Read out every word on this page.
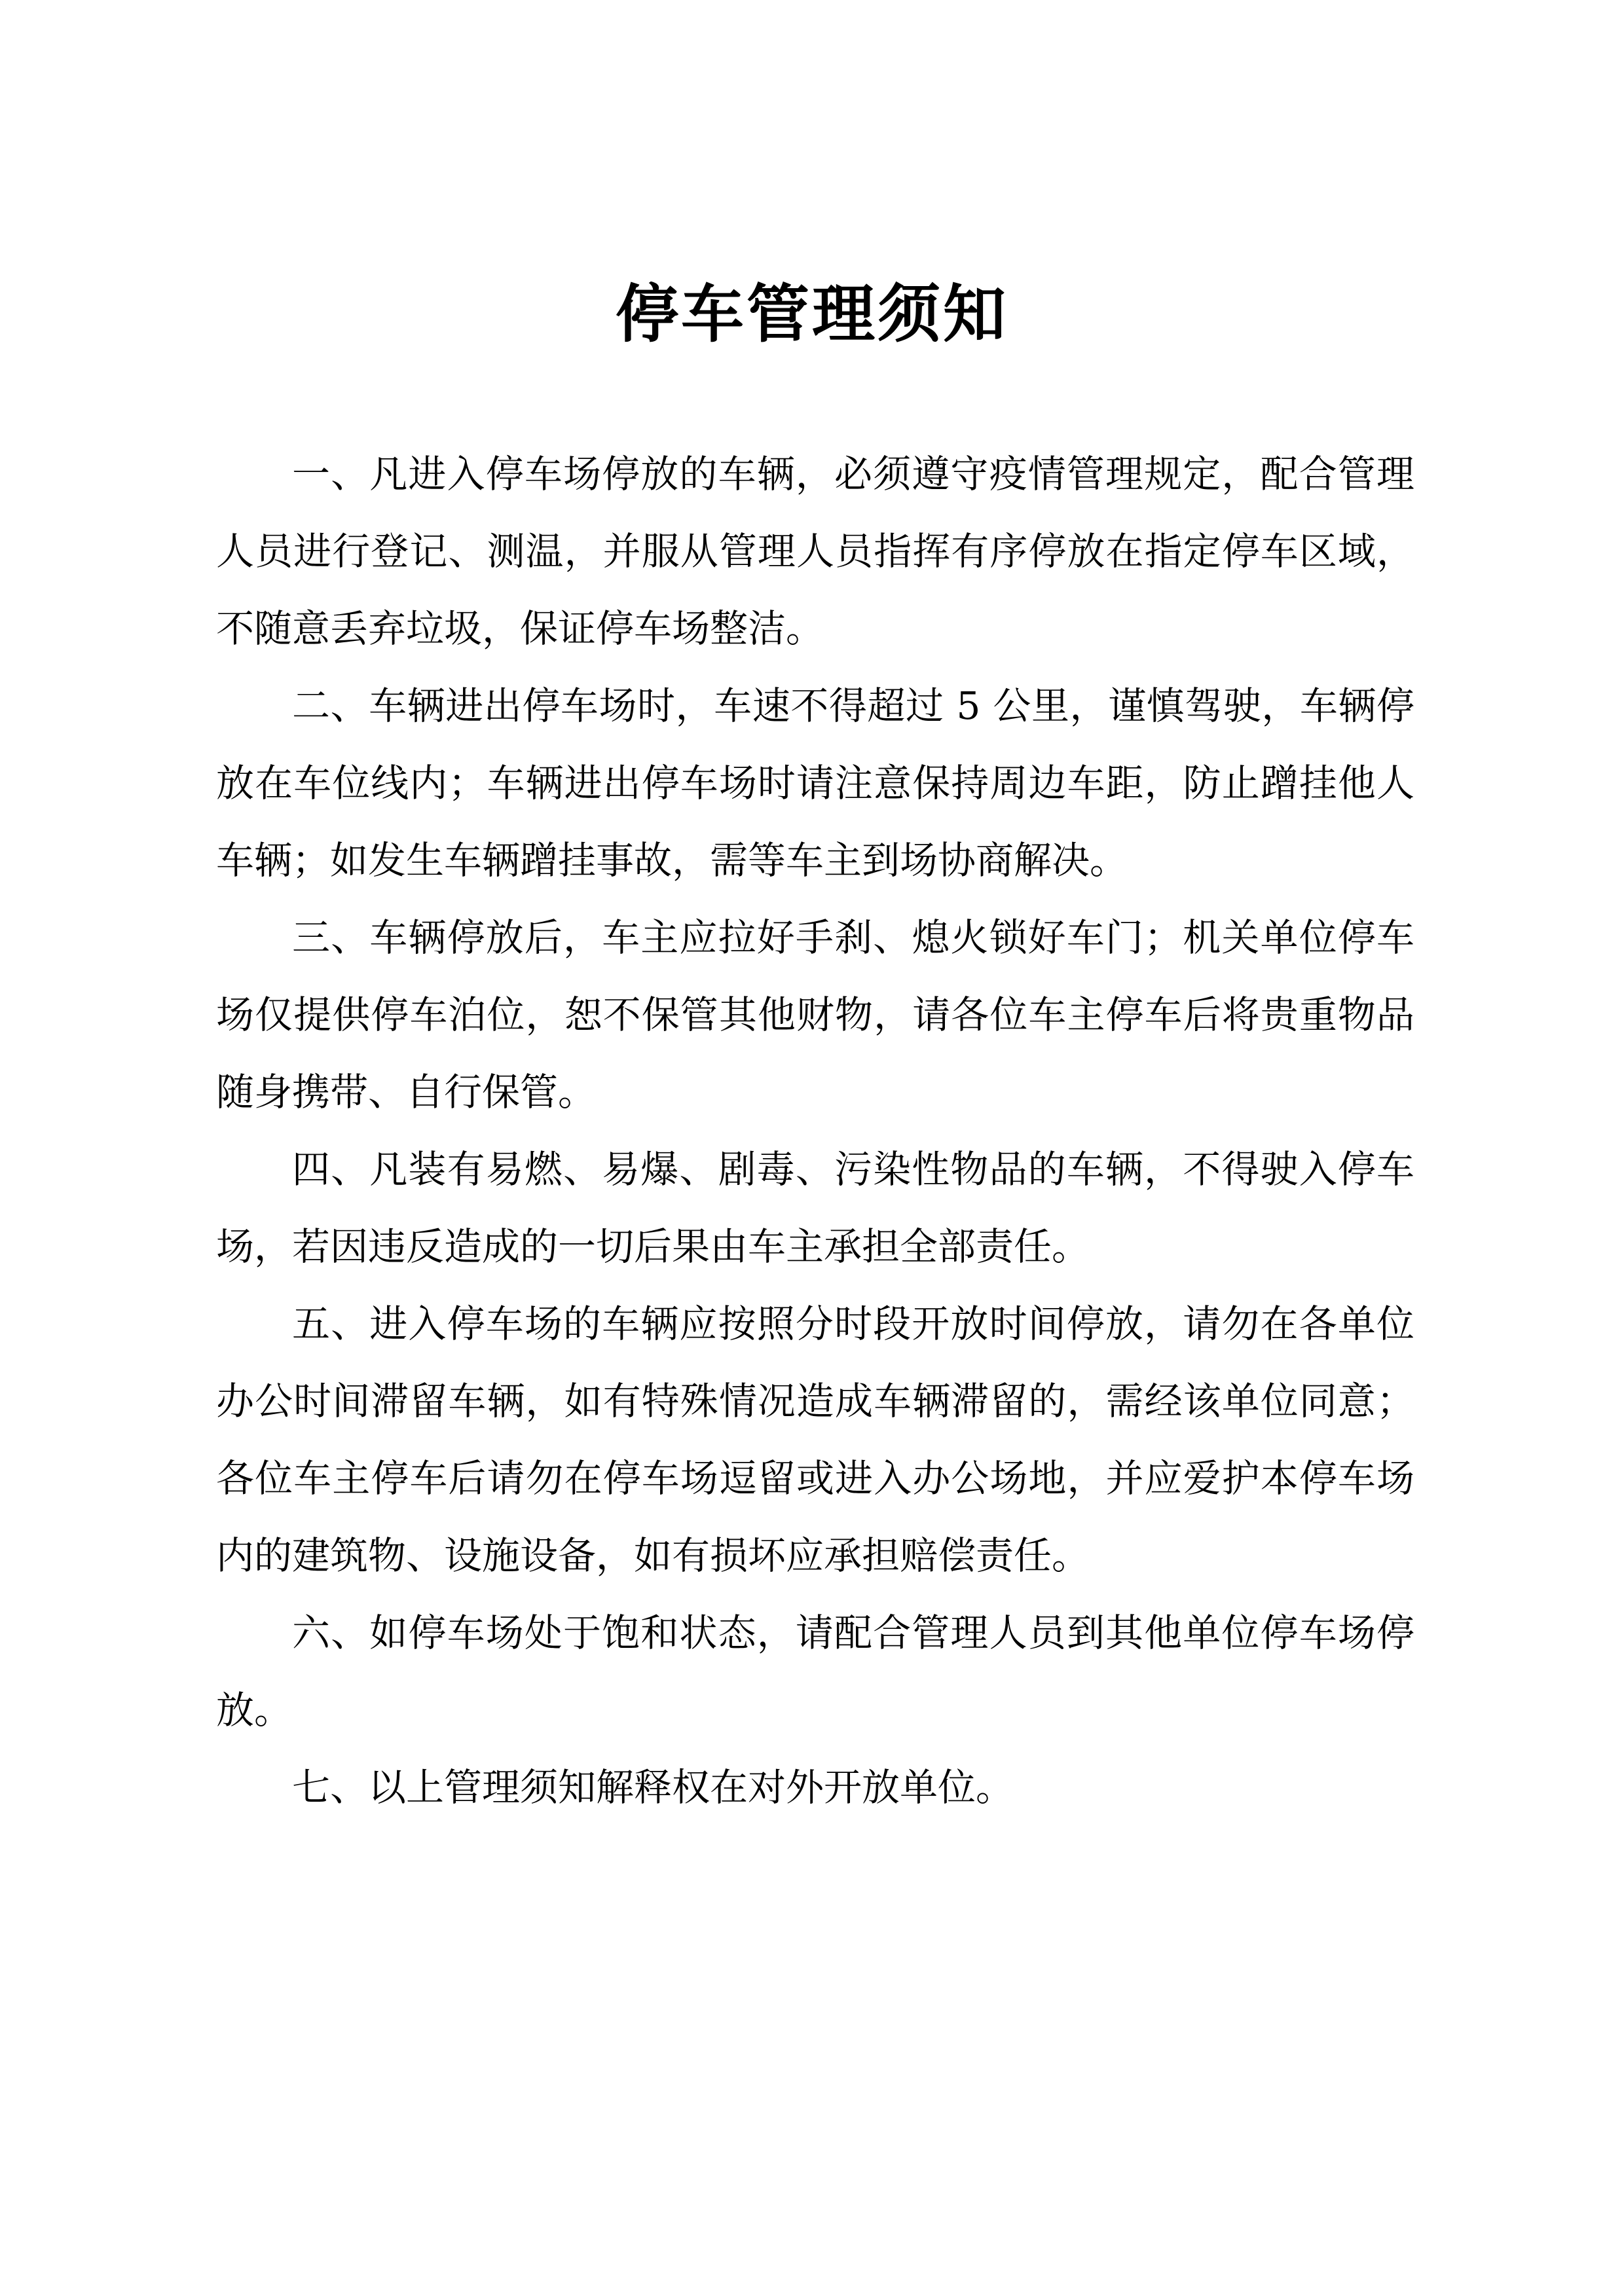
停车管理须知

一、凡进入停车场停放的车辆，必须遵守疫情管理规定，配合管理人员进行登记、测温，并服从管理人员指挥有序停放在指定停车区域，不随意丢弃垃圾，保证停车场整洁。

二、车辆进出停车场时，车速不得超过 5 公里，谨慎驾驶，车辆停放在车位线内；车辆进出停车场时请注意保持周边车距，防止蹭挂他人车辆；如发生车辆蹭挂事故，需等车主到场协商解决。

三、车辆停放后，车主应拉好手刹、熄火锁好车门；机关单位停车场仅提供停车泊位，恕不保管其他财物，请各位车主停车后将贵重物品随身携带、自行保管。

四、凡装有易燃、易爆、剧毒、污染性物品的车辆，不得驶入停车场，若因违反造成的一切后果由车主承担全部责任。

五、进入停车场的车辆应按照分时段开放时间停放，请勿在各单位办公时间滞留车辆，如有特殊情况造成车辆滞留的，需经该单位同意；各位车主停车后请勿在停车场逗留或进入办公场地，并应爱护本停车场内的建筑物、设施设备，如有损坏应承担赔偿责任。

六、如停车场处于饱和状态，请配合管理人员到其他单位停车场停放。

七、以上管理须知解释权在对外开放单位。
